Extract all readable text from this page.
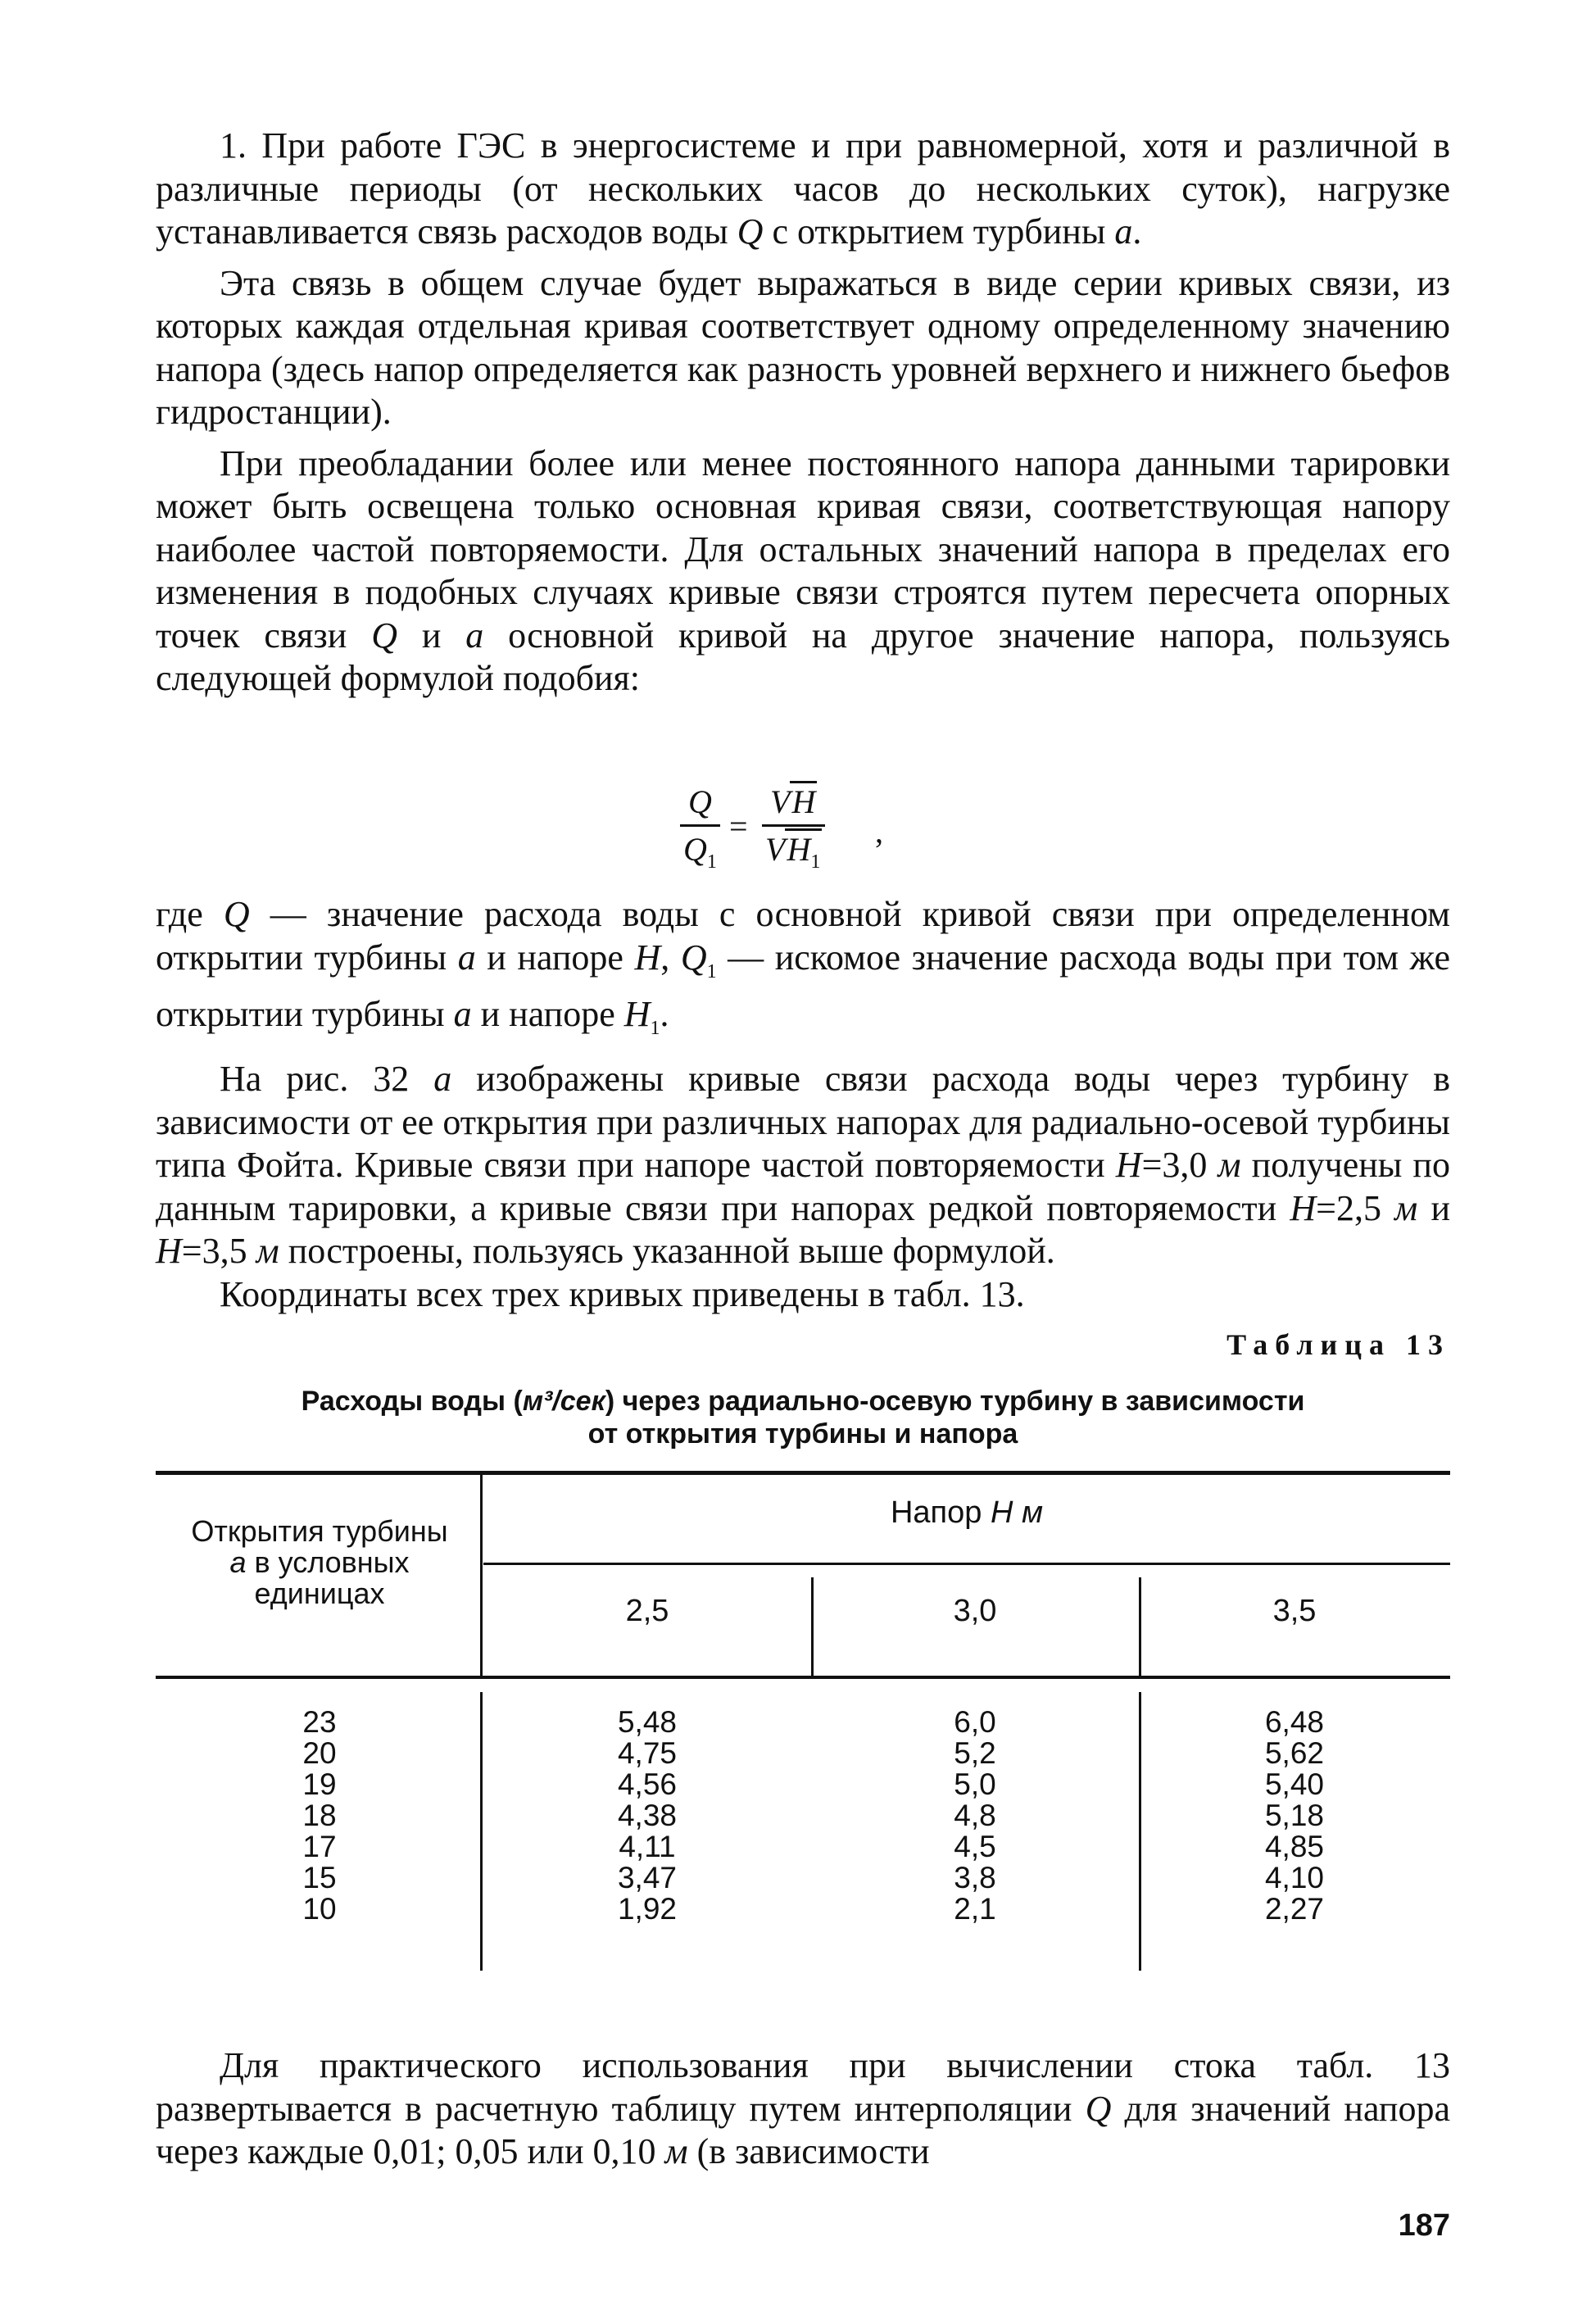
1. При работе ГЭС в энергосистеме и при равномерной, хотя и различной в различные периоды (от нескольких часов до нескольких суток), нагрузке устанавливается связь расходов воды Q с открытием турбины a.

Эта связь в общем случае будет выражаться в виде серии кривых связи, из которых каждая отдельная кривая соответствует одному определенному значению напора (здесь напор определяется как разность уровней верхнего и нижнего бьефов гидростанции).

При преобладании более или менее постоянного напора данными тарировки может быть освещена только основная кривая связи, соответствующая напору наиболее частой повторяемости. Для остальных значений напора в пределах его изменения в подобных случаях кривые связи строятся путем пересчета опорных точек связи Q и a основной кривой на другое значение напора, пользуясь следующей формулой подобия:

$\frac{Q}{Q_1} = \frac{VH}{VH_1}$ ,

где Q — значение расхода воды с основной кривой связи при определенном открытии турбины a и напоре H, $Q_1$ — искомое значение расхода воды при том же открытии турбины a и напоре $H_1$.

На рис. 32 a изображены кривые связи расхода воды через турбину в зависимости от ее открытия при различных напорах для радиально-осевой турбины типа Фойта. Кривые связи при напоре частой повторяемости H=3,0 м получены по данным тарировки, а кривые связи при напорах редкой повторяемости H=2,5 м и H=3,5 м построены, пользуясь указанной выше формулой.

Координаты всех трех кривых приведены в табл. 13.

Таблица 13
Расходы воды (м³/сек) через радиально-осевую турбину в зависимости
от открытия турбины и напора
Открытия турбины
a в условных
единицах
Напор H м
2,5	3,0	3,5
23
20
19
18
17
15
10
5,48
4,75
4,56
4,38
4,11
3,47
1,92
6,0
5,2
5,0
4,8
4,5
3,8
2,1
6,48
5,62
5,40
5,18
4,85
4,10
2,27

Для практического использования при вычислении стока табл. 13 развертывается в расчетную таблицу путем интерполяции Q для значений напора через каждые 0,01; 0,05 или 0,10 м (в зависимости

187
